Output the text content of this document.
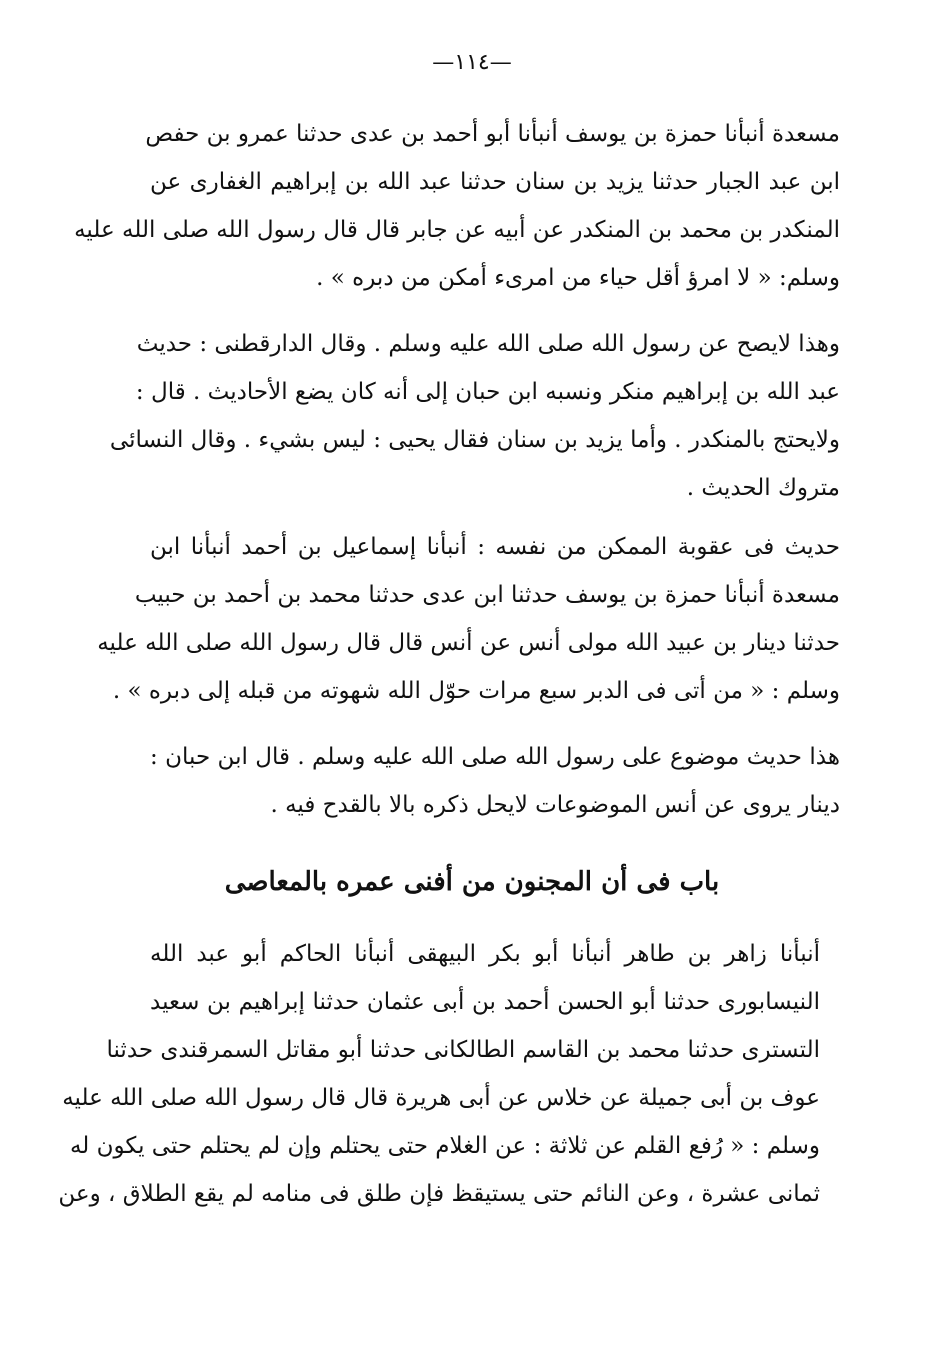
—١١٤—
مسعدة أنبأنا حمزة بن يوسف أنبأنا أبو أحمد بن عدى حدثنا عمرو بن حفص
ابن عبد الجبار حدثنا يزيد بن سنان حدثنا عبد الله بن إبراهيم الغفارى عن
المنكدر بن محمد بن المنكدر عن أبيه عن جابر قال قال رسول الله صلى الله عليه
وسلم: « لا امرؤ أقل حياء من امرىء أمكن من دبره » .
وهذا لايصح عن رسول الله صلى الله عليه وسلم . وقال الدارقطنى : حديث
عبد الله بن إبراهيم منكر ونسبه ابن حبان إلى أنه كان يضع الأحاديث . قال :
ولايحتج بالمنكدر . وأما يزيد بن سنان فقال يحيى : ليس بشيء . وقال النسائى
متروك الحديث .
حديث فى عقوبة الممكن من نفسه : أنبأنا إسماعيل بن أحمد أنبأنا ابن
مسعدة أنبأنا حمزة بن يوسف حدثنا ابن عدى حدثنا محمد بن أحمد بن حبيب
حدثنا دينار بن عبيد الله مولى أنس عن أنس قال قال رسول الله صلى الله عليه
وسلم : « من أتى فى الدبر سبع مرات حوّل الله شهوته من قبله إلى دبره » .
هذا حديث موضوع على رسول الله صلى الله عليه وسلم . قال ابن حبان :
دينار يروى عن أنس الموضوعات لايحل ذكره بالا بالقدح فيه .
باب فى أن المجنون من أفنى عمره بالمعاصى
أنبأنا زاهر بن طاهر أنبأنا أبو بكر البيهقى أنبأنا الحاكم أبو عبد الله
النيسابورى حدثنا أبو الحسن أحمد بن أبى عثمان حدثنا إبراهيم بن سعيد
التسترى حدثنا محمد بن القاسم الطالكانى حدثنا أبو مقاتل السمرقندى حدثنا
عوف بن أبى جميلة عن خلاس عن أبى هريرة قال قال رسول الله صلى الله عليه
وسلم : « رُفع القلم عن ثلاثة : عن الغلام حتى يحتلم وإن لم يحتلم حتى يكون له
ثمانى عشرة ، وعن النائم حتى يستيقظ فإن طلق فى منامه لم يقع الطلاق ، وعن
